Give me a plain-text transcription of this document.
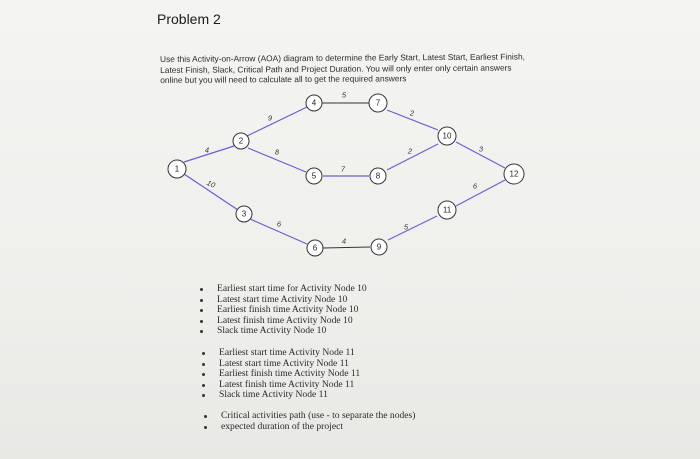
Problem 2
Use this Activity-on-Arrow (AOA) diagram to determine the Early Start, Latest Start, Earliest Finish,
Latest Finish, Slack, Critical Path and Project Duration. You will only enter only certain answers
online but you will need to calculate all to get the required answers
4
10
9
8
6
5
7
4
2
2
5
3
6
1
2
3
4
5
6
7
8
9
10
11
12
Earliest start time for Activity Node 10
Latest start time Activity Node 10
Earliest finish time Activity Node 10
Latest finish time Activity Node 10
Slack time Activity Node 10
Earliest start time Activity Node 11
Latest start time Activity Node 11
Earliest finish time Activity Node 11
Latest finish time Activity Node 11
Slack time Activity Node 11
Critical activities path (use - to separate the nodes)
expected duration of the project
